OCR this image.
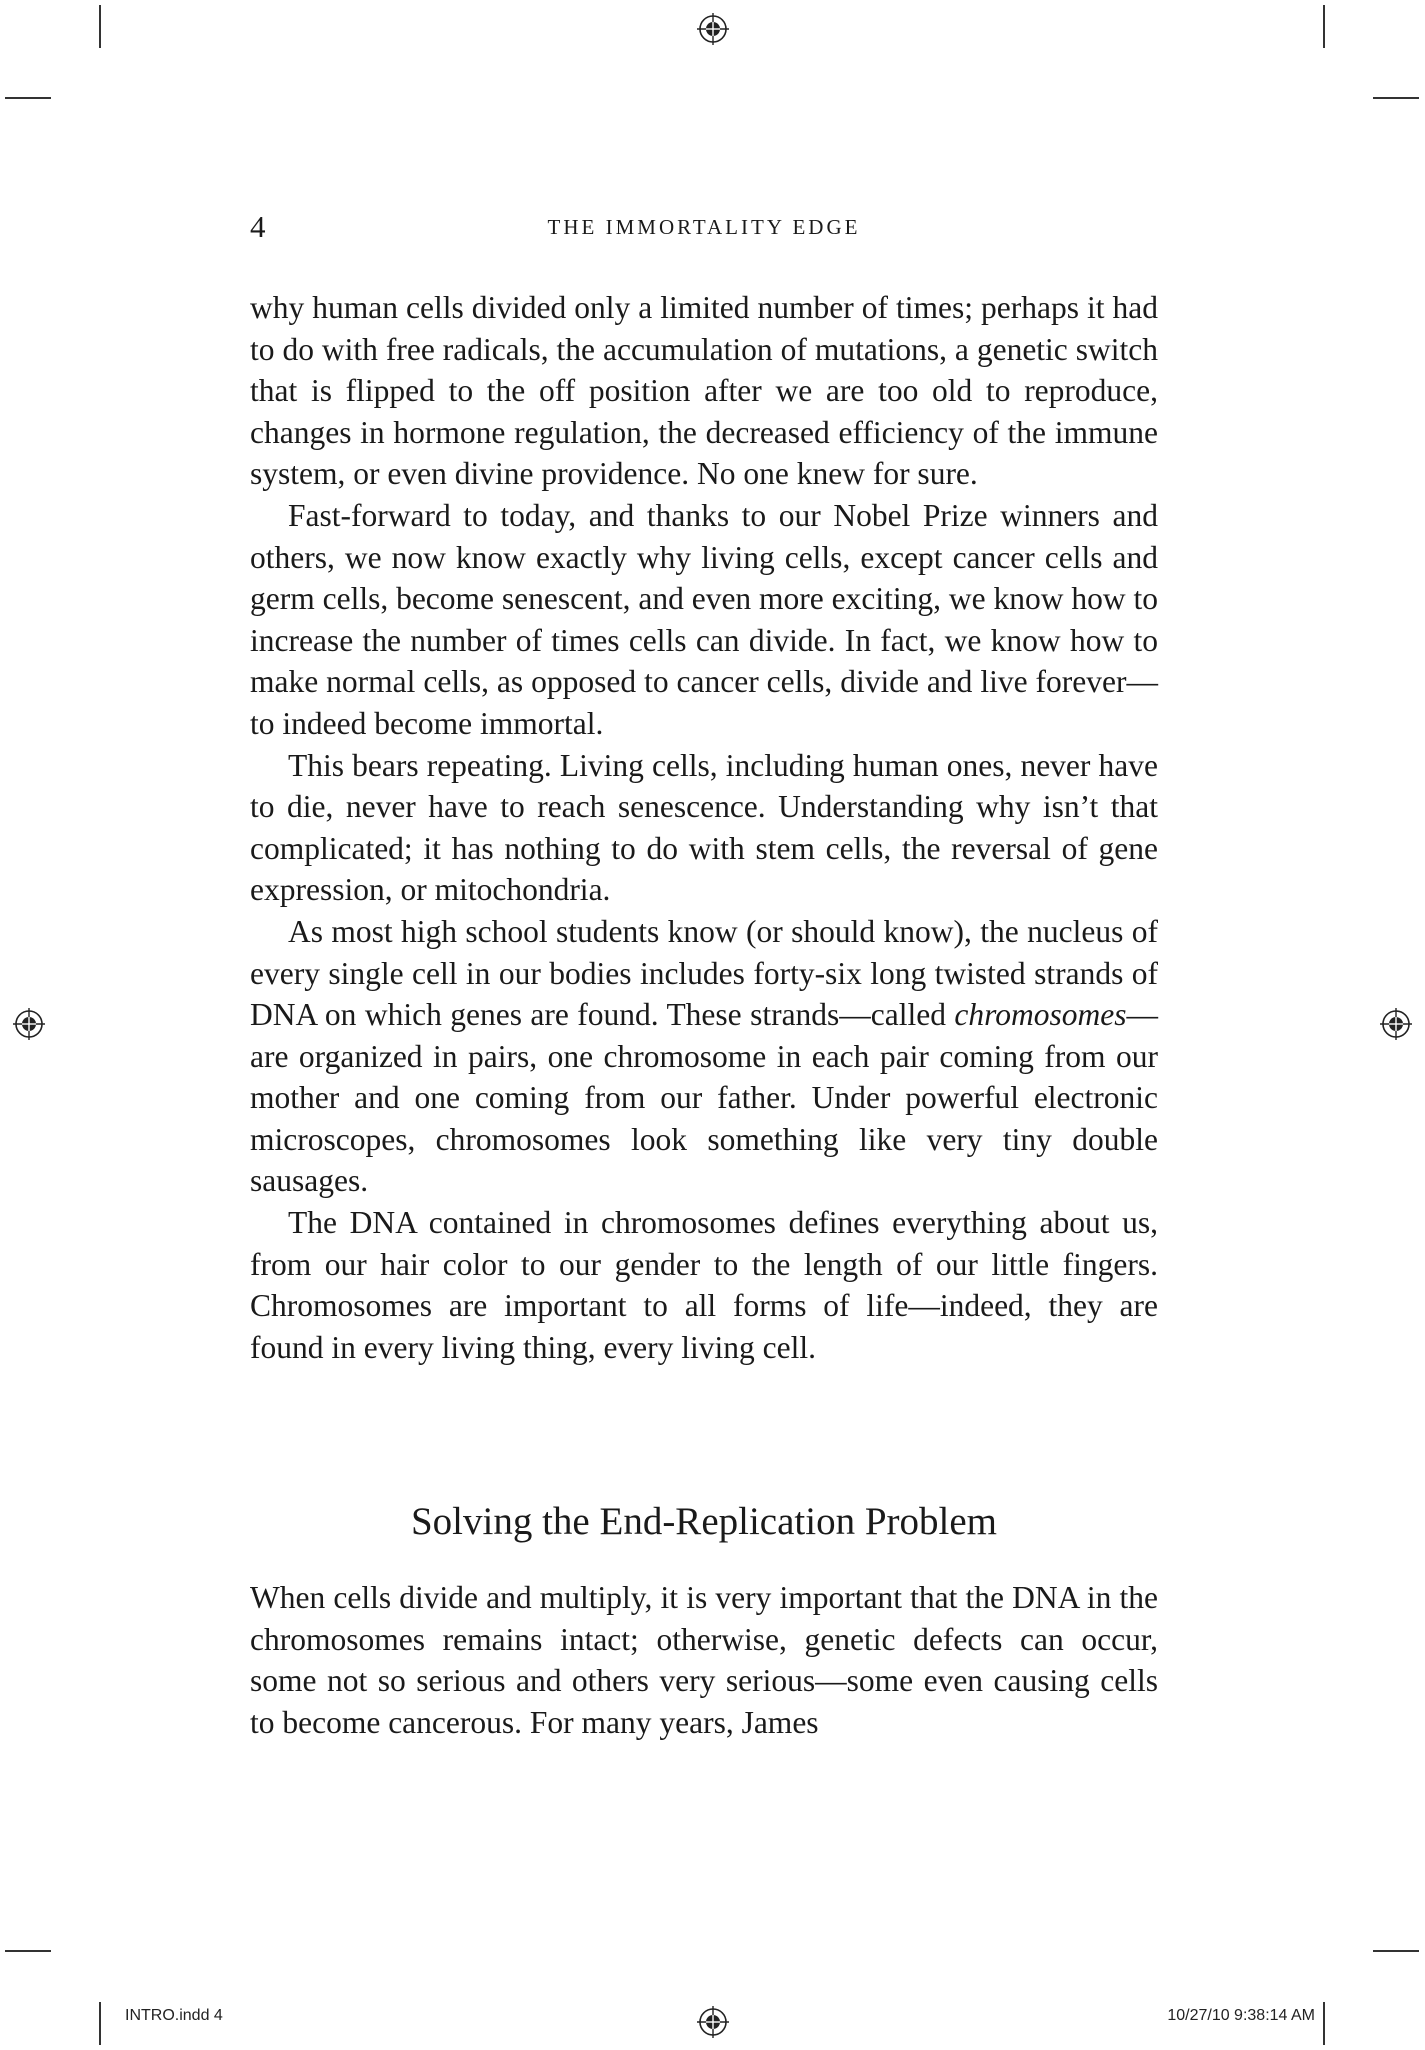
4	THE IMMORTALITY EDGE

why human cells divided only a limited number of times; perhaps it had to do with free radicals, the accumulation of mutations, a genetic switch that is flipped to the off position after we are too old to reproduce, changes in hormone regulation, the decreased efficiency of the immune system, or even divine providence. No one knew for sure.

Fast-forward to today, and thanks to our Nobel Prize winners and others, we now know exactly why living cells, except cancer cells and germ cells, become senescent, and even more exciting, we know how to increase the number of times cells can divide. In fact, we know how to make normal cells, as opposed to cancer cells, divide and live forever—to indeed become immortal.

This bears repeating. Living cells, including human ones, never have to die, never have to reach senescence. Understanding why isn’t that complicated; it has nothing to do with stem cells, the reversal of gene expression, or mitochondria.

As most high school students know (or should know), the nucleus of every single cell in our bodies includes forty-six long twisted strands of DNA on which genes are found. These strands—called chromosomes—are organized in pairs, one chromosome in each pair coming from our mother and one coming from our father. Under powerful electronic microscopes, chromosomes look something like very tiny double sausages.

The DNA contained in chromosomes defines everything about us, from our hair color to our gender to the length of our little fingers. Chromosomes are important to all forms of life—indeed, they are found in every living thing, every living cell.

Solving the End-Replication Problem

When cells divide and multiply, it is very important that the DNA in the chromosomes remains intact; otherwise, genetic defects can occur, some not so serious and others very serious—some even causing cells to become cancerous. For many years, James

INTRO.indd 4	10/27/10 9:38:14 AM
